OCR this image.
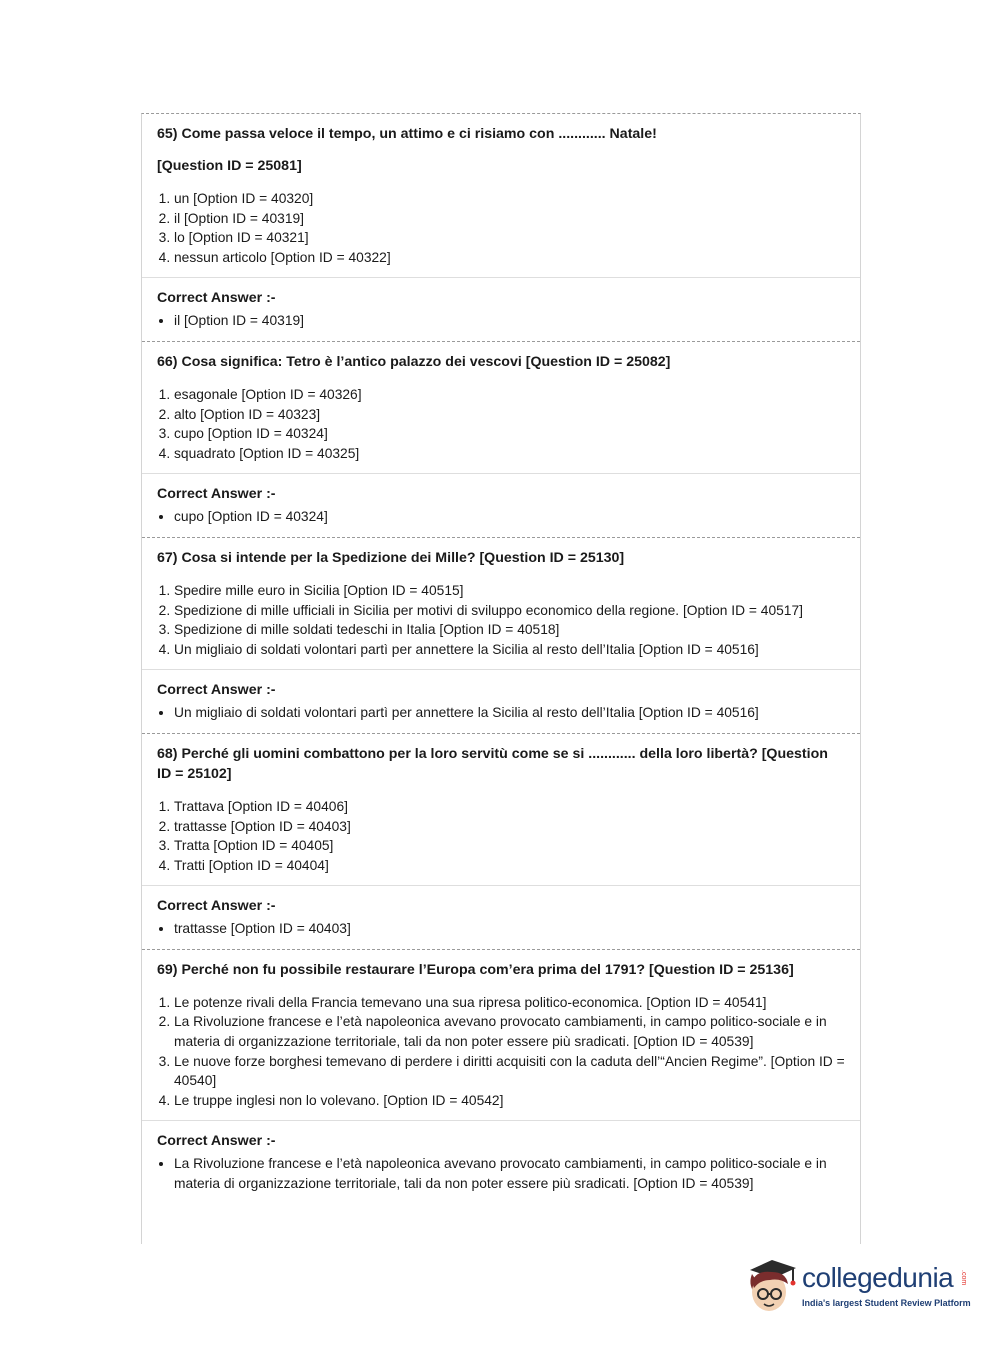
65) Come passa veloce il tempo, un attimo e ci risiamo con ............ Natale!

[Question ID = 25081]

1. un [Option ID = 40320]
2. il [Option ID = 40319]
3. lo [Option ID = 40321]
4. nessun articolo [Option ID = 40322]

Correct Answer :-

• il [Option ID = 40319]

66) Cosa significa: Tetro è l’antico palazzo dei vescovi [Question ID = 25082]

1. esagonale [Option ID = 40326]
2. alto [Option ID = 40323]
3. cupo [Option ID = 40324]
4. squadrato [Option ID = 40325]

Correct Answer :-

• cupo [Option ID = 40324]

67) Cosa si intende per la Spedizione dei Mille? [Question ID = 25130]

1. Spedire mille euro in Sicilia [Option ID = 40515]
2. Spedizione di mille ufficiali in Sicilia per motivi di sviluppo economico della regione. [Option ID = 40517]
3. Spedizione di mille soldati tedeschi in Italia [Option ID = 40518]
4. Un migliaio di soldati volontari partì per annettere la Sicilia al resto dell’Italia [Option ID = 40516]

Correct Answer :-

• Un migliaio di soldati volontari partì per annettere la Sicilia al resto dell’Italia [Option ID = 40516]

68) Perché gli uomini combattono per la loro servitù come se si ............ della loro libertà? [Question ID = 25102]

1. Trattava [Option ID = 40406]
2. trattasse [Option ID = 40403]
3. Tratta [Option ID = 40405]
4. Tratti [Option ID = 40404]

Correct Answer :-

• trattasse [Option ID = 40403]

69) Perché non fu possibile restaurare l’Europa com’era prima del 1791? [Question ID = 25136]

1. Le potenze rivali della Francia temevano una sua ripresa politico-economica. [Option ID = 40541]
2. La Rivoluzione francese e l’età napoleonica avevano provocato cambiamenti, in campo politico-sociale e in materia di organizzazione territoriale, tali da non poter essere più sradicati. [Option ID = 40539]
3. Le nuove forze borghesi temevano di perdere i diritti acquisiti con la caduta dell’“Ancien Regime”. [Option ID = 40540]
4. Le truppe inglesi non lo volevano. [Option ID = 40542]

Correct Answer :-

• La Rivoluzione francese e l’età napoleonica avevano provocato cambiamenti, in campo politico-sociale e in materia di organizzazione territoriale, tali da non poter essere più sradicati. [Option ID = 40539]
collegedunia .com
India's largest Student Review Platform
